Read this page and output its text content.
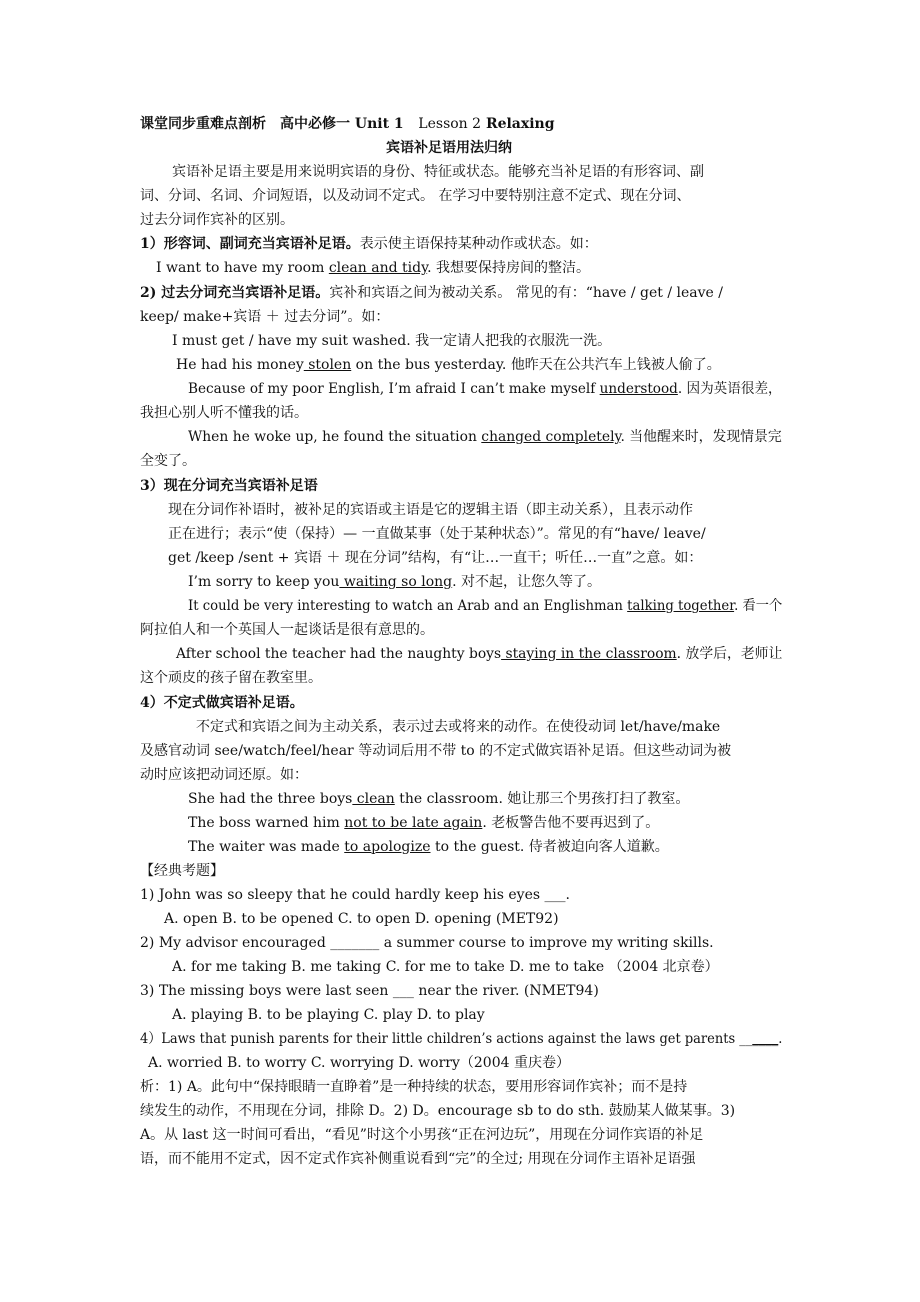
课堂同步重难点剖析　高中必修一 Unit 1 Lesson 2 Relaxing
宾语补足语用法归纳
宾语补足语主要是用来说明宾语的身份、特征或状态。能够充当补足语的有形容词、副
词、分词、名词、介词短语，以及动词不定式。 在学习中要特别注意不定式、现在分词、
过去分词作宾补的区别。
1）形容词、副词充当宾语补足语。表示使主语保持某种动作或状态。如：
I want to have my room clean and tidy. 我想要保持房间的整洁。
2) 过去分词充当宾语补足语。宾补和宾语之间为被动关系。 常见的有：“have / get / leave /
keep/ make+宾语 ＋ 过去分词”。如：
I must get / have my suit washed. 我一定请人把我的衣服洗一洗。
He had his money stolen on the bus yesterday. 他昨天在公共汽车上钱被人偷了。
Because of my poor English, I’m afraid I can’t make myself understood. 因为英语很差，
我担心别人听不懂我的话。
When he woke up, he found the situation changed completely. 当他醒来时，发现情景完
全变了。
3）现在分词充当宾语补足语
现在分词作补语时，被补足的宾语或主语是它的逻辑主语（即主动关系），且表示动作
正在进行；表示“使（保持）— 一直做某事（处于某种状态）”。常见的有“have/ leave/
get /keep /sent + 宾语 ＋ 现在分词”结构，有“让…一直干；听任…一直”之意。如：
I’m sorry to keep you waiting so long. 对不起，让您久等了。
It could be very interesting to watch an Arab and an Englishman talking together. 看一个
阿拉伯人和一个英国人一起谈话是很有意思的。
After school the teacher had the naughty boys staying in the classroom. 放学后，老师让
这个顽皮的孩子留在教室里。
4）不定式做宾语补足语。
不定式和宾语之间为主动关系，表示过去或将来的动作。在使役动词 let/have/make
及感官动词 see/watch/feel/hear 等动词后用不带 to 的不定式做宾语补足语。但这些动词为被
动时应该把动词还原。如：
She had the three boys clean the classroom. 她让那三个男孩打扫了教室。
The boss warned him not to be late again. 老板警告他不要再迟到了。
The waiter was made to apologize to the guest. 侍者被迫向客人道歉。
【经典考题】
1) John was so sleepy that he could hardly keep his eyes ___.
A. open B. to be opened C. to open D. opening (MET92)
2) My advisor encouraged _______ a summer course to improve my writing skills.
A. for me taking B. me taking C. for me to take D. me to take （2004 北京卷）
3) The missing boys were last seen ___ near the river. (NMET94)
A. playing B. to be playing C. play D. to play
4）Laws that punish parents for their little children’s actions against the laws get parents ______.
A. worried B. to worry C. worrying D. worry（2004 重庆卷）
析：1) A。此句中“保持眼睛一直睁着”是一种持续的状态，要用形容词作宾补；而不是持
续发生的动作，不用现在分词，排除 D。2) D。encourage sb to do sth. 鼓励某人做某事。3)
A。从 last 这一时间可看出，“看见”时这个小男孩“正在河边玩”，用现在分词作宾语的补足
语，而不能用不定式，因不定式作宾补侧重说看到“完”的全过; 用现在分词作主语补足语强
